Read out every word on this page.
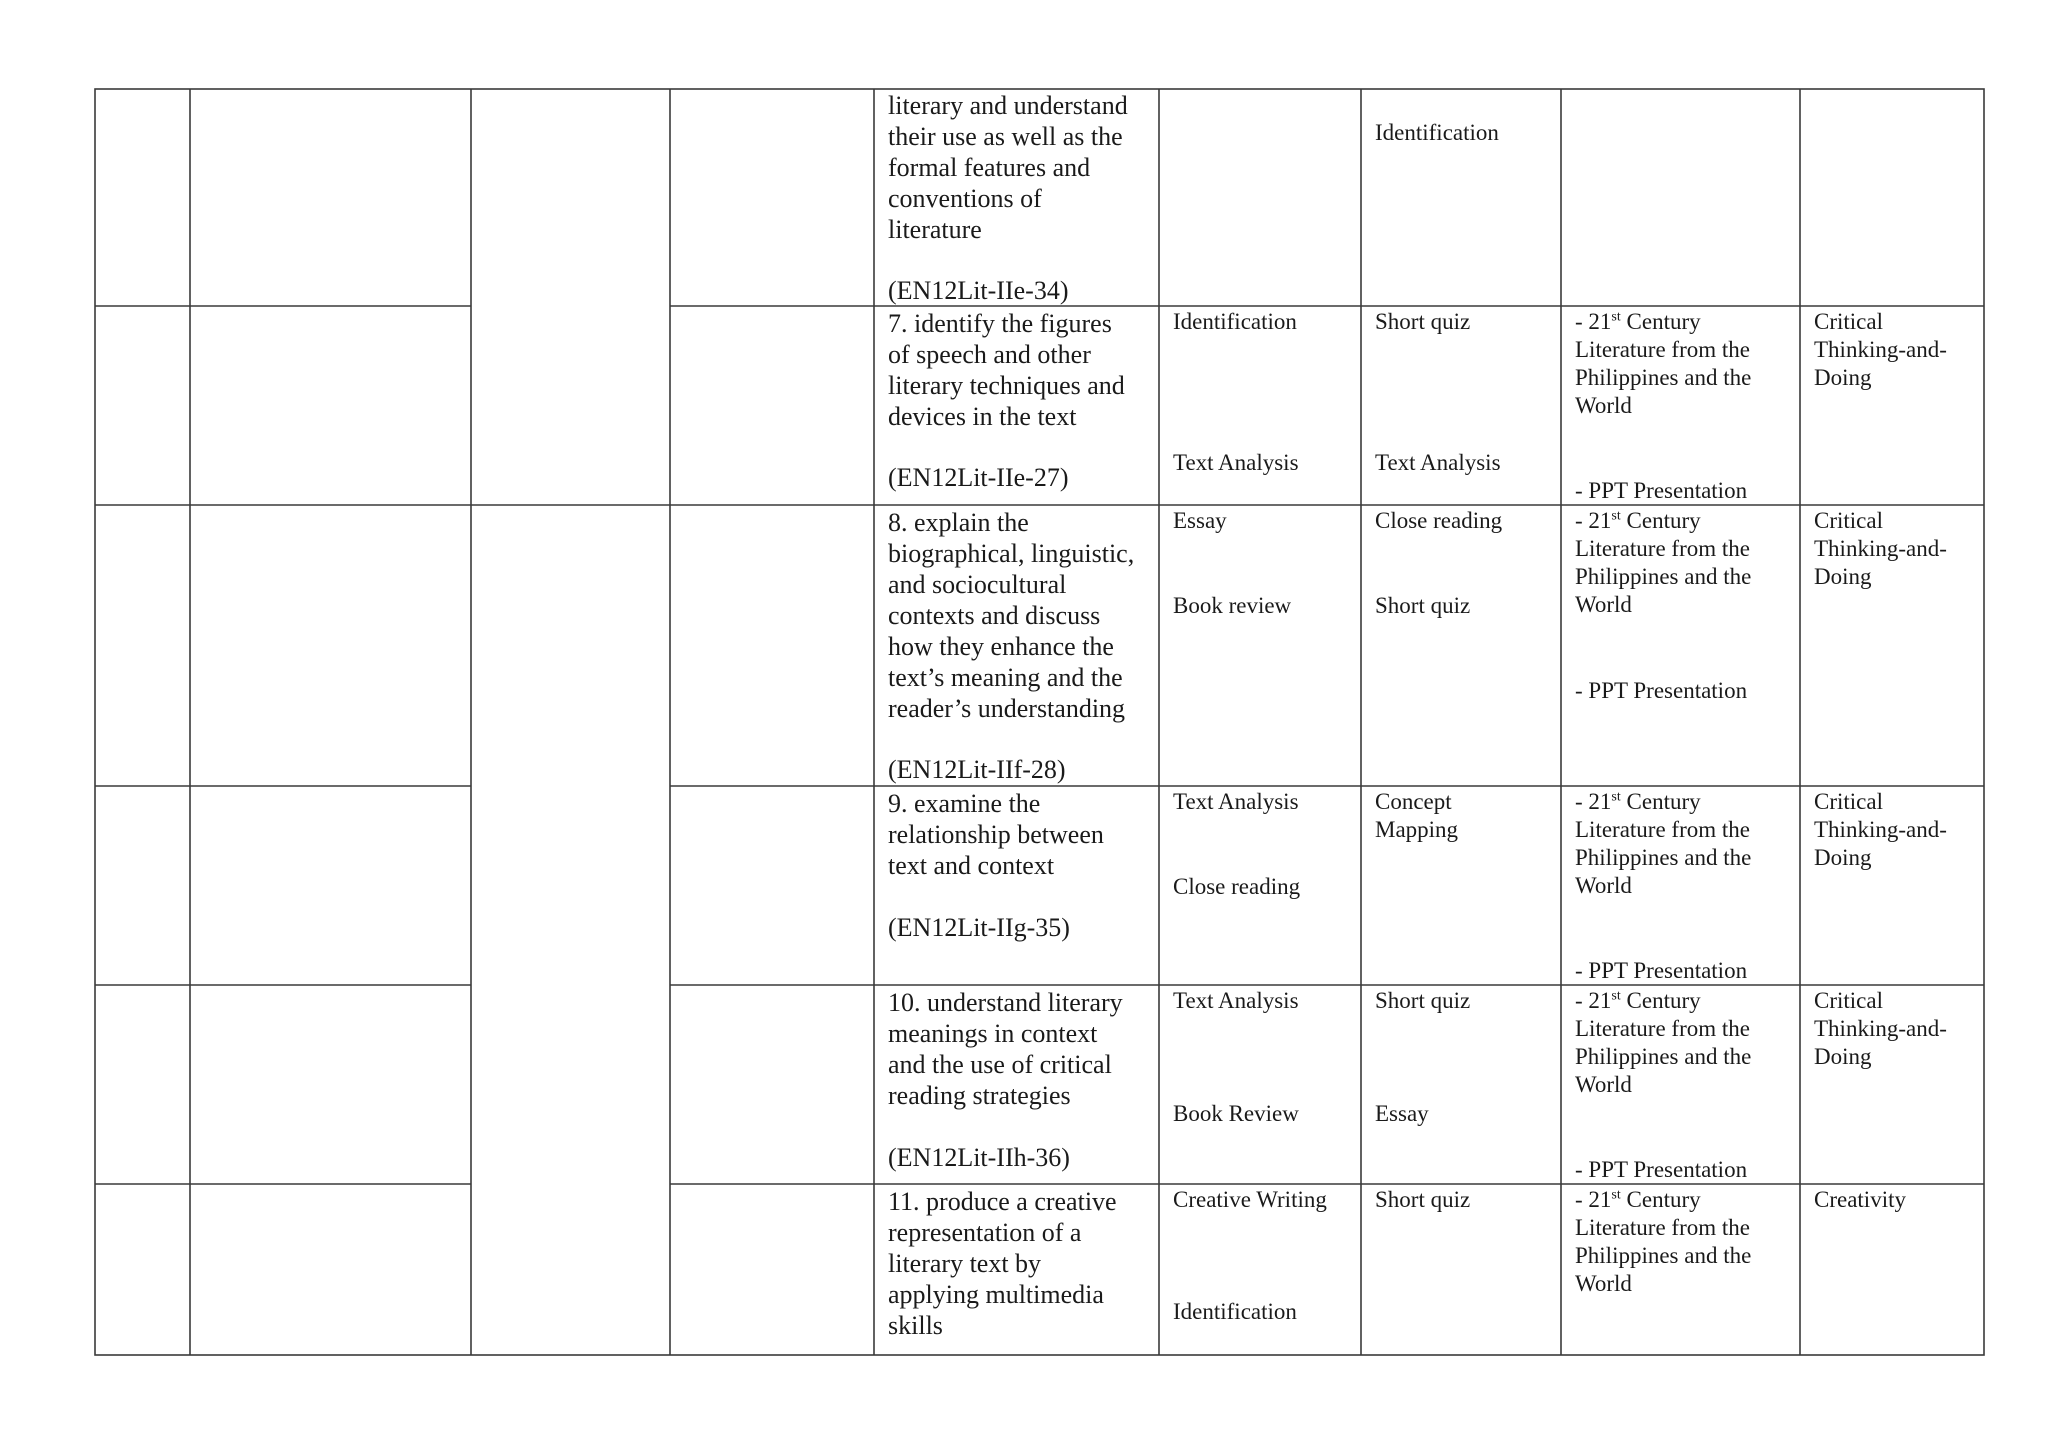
literary and understand
their use as well as the
formal features and
conventions of
literature
(EN12Lit-IIe-34)
Identification
7. identify the figures
of speech and other
literary techniques and
devices in the text
(EN12Lit-IIe-27)
Identification
Text Analysis
Short quiz
Text Analysis
- 21st Century
Literature from the
Philippines and the
World
- PPT Presentation
Critical
Thinking-and-
Doing
8. explain the
biographical, linguistic,
and sociocultural
contexts and discuss
how they enhance the
text’s meaning and the
reader’s understanding
(EN12Lit-IIf-28)
Essay
Book review
Close reading
Short quiz
- 21st Century
Literature from the
Philippines and the
World
- PPT Presentation
Critical
Thinking-and-
Doing
9. examine the
relationship between
text and context
(EN12Lit-IIg-35)
Text Analysis
Close reading
Concept
Mapping
- 21st Century
Literature from the
Philippines and the
World
- PPT Presentation
Critical
Thinking-and-
Doing
10. understand literary
meanings in context
and the use of critical
reading strategies
(EN12Lit-IIh-36)
Text Analysis
Book Review
Short quiz
Essay
- 21st Century
Literature from the
Philippines and the
World
- PPT Presentation
Critical
Thinking-and-
Doing
11. produce a creative
representation of a
literary text by
applying multimedia
skills
Creative Writing
Identification
Short quiz	- 21st Century
Literature from the
Philippines and the
World
Creativity
